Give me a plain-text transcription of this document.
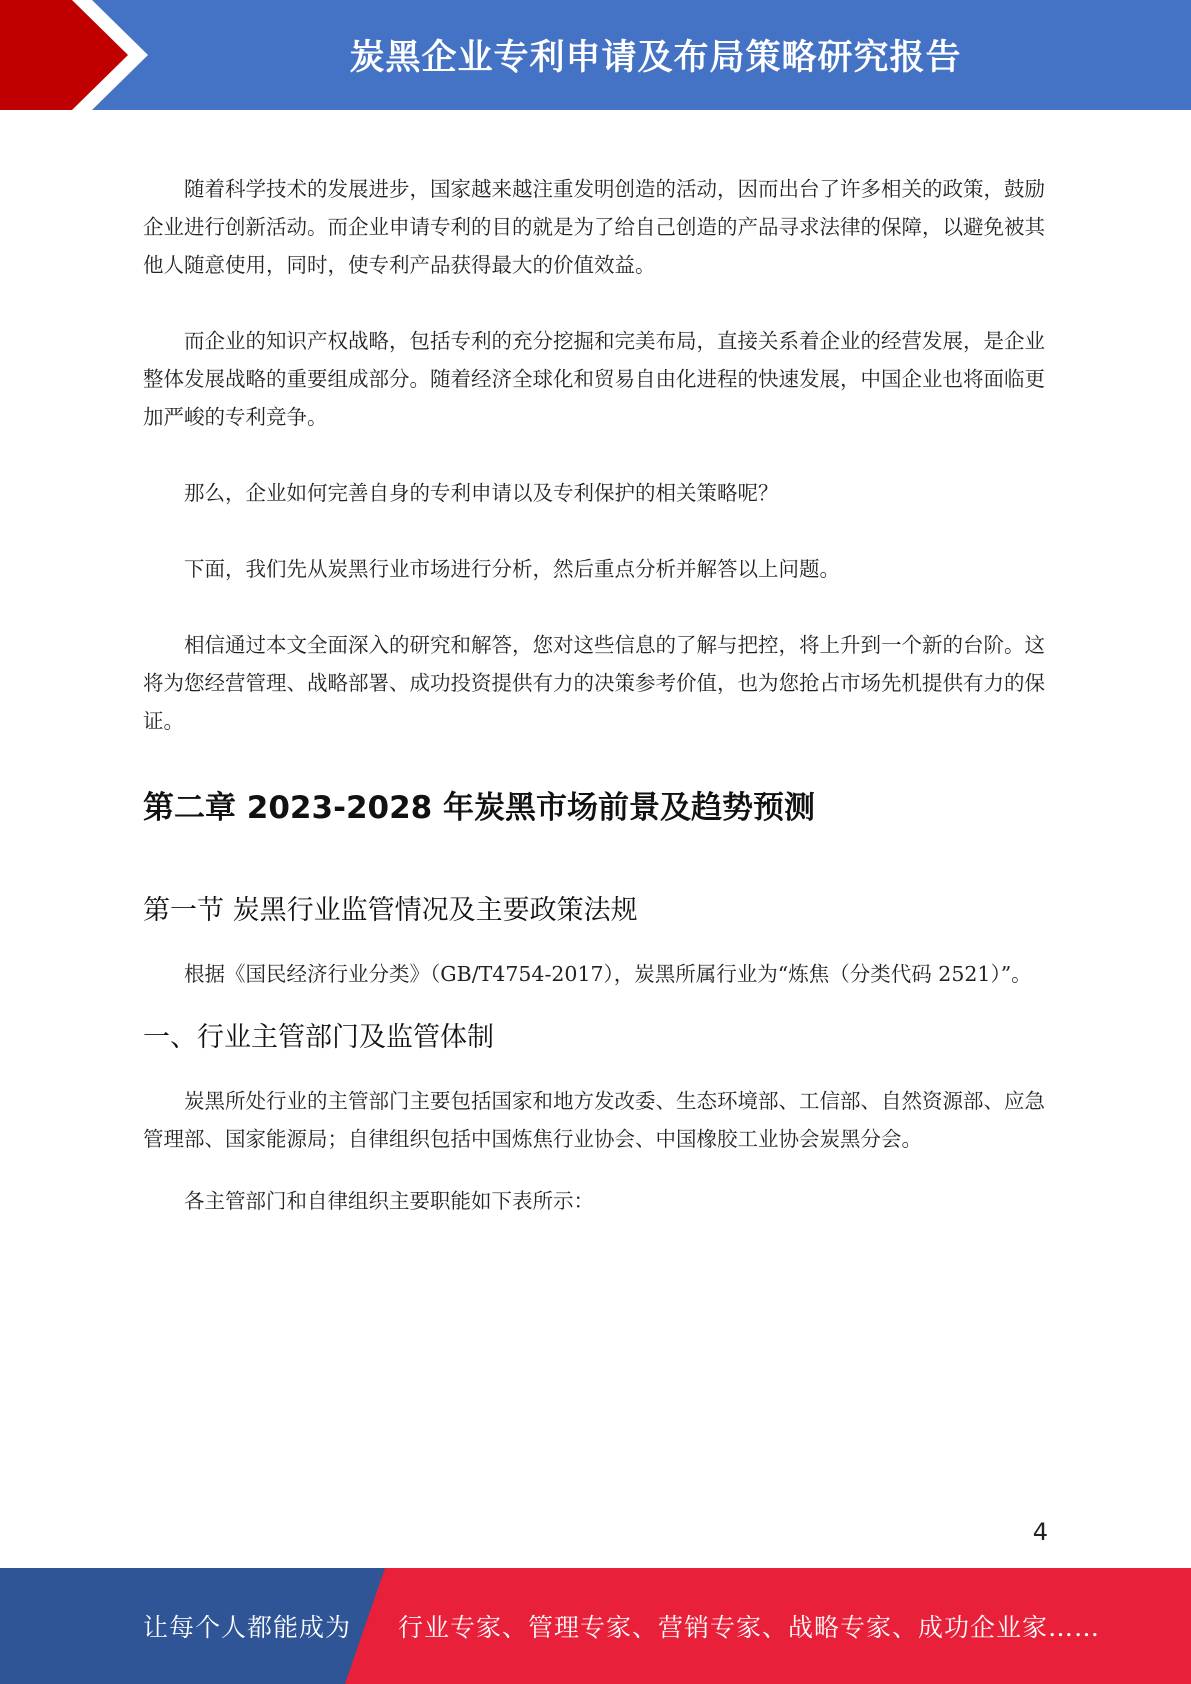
炭黑企业专利申请及布局策略研究报告

随着科学技术的发展进步，国家越来越注重发明创造的活动，因而出台了许多相关的政策，鼓励企业进行创新活动。而企业申请专利的目的就是为了给自己创造的产品寻求法律的保障，以避免被其他人随意使用，同时，使专利产品获得最大的价值效益。

而企业的知识产权战略，包括专利的充分挖掘和完美布局，直接关系着企业的经营发展，是企业整体发展战略的重要组成部分。随着经济全球化和贸易自由化进程的快速发展，中国企业也将面临更加严峻的专利竞争。

那么，企业如何完善自身的专利申请以及专利保护的相关策略呢？

下面，我们先从炭黑行业市场进行分析，然后重点分析并解答以上问题。

相信通过本文全面深入的研究和解答，您对这些信息的了解与把控，将上升到一个新的台阶。这将为您经营管理、战略部署、成功投资提供有力的决策参考价值，也为您抢占市场先机提供有力的保证。

第二章 2023-2028 年炭黑市场前景及趋势预测
第一节 炭黑行业监管情况及主要政策法规

根据《国民经济行业分类》（GB/T4754-2017），炭黑所属行业为“炼焦（分类代码 2521）”。

一、行业主管部门及监管体制

炭黑所处行业的主管部门主要包括国家和地方发改委、生态环境部、工信部、自然资源部、应急管理部、国家能源局；自律组织包括中国炼焦行业协会、中国橡胶工业协会炭黑分会。

各主管部门和自律组织主要职能如下表所示：

4
让每个人都能成为 行业专家、管理专家、营销专家、战略专家、成功企业家……
